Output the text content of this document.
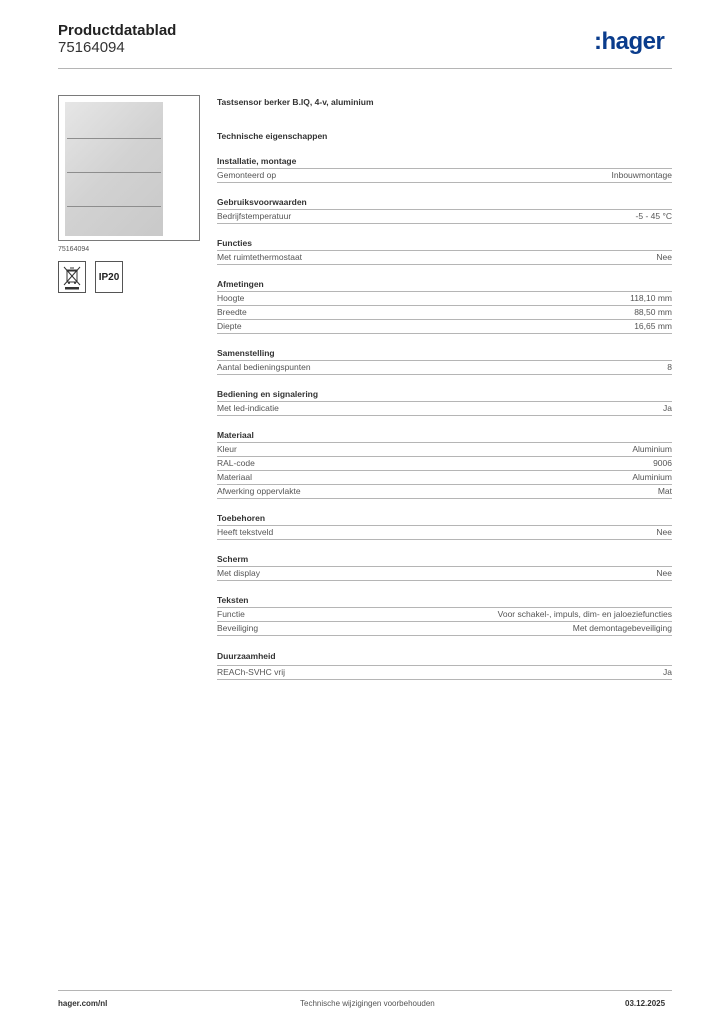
Productdatablad
75164094	:hager
75164094
IP20
Tastsensor berker B.IQ, 4-v, aluminium
Technische eigenschappen
Installatie, montage
Gemonteerd op	Inbouwmontage
Gebruiksvoorwaarden
Bedrijfstemperatuur	-5 - 45 °C
Functies
Met ruimtethermostaat	Nee
Afmetingen
Hoogte	118,10 mm
Breedte	88,50 mm
Diepte	16,65 mm
Samenstelling
Aantal bedieningspunten	8
Bediening en signalering
Met led-indicatie	Ja
Materiaal
Kleur	Aluminium
RAL-code	9006
Materiaal	Aluminium
Afwerking oppervlakte	Mat
Toebehoren
Heeft tekstveld	Nee
Scherm
Met display	Nee
Teksten
Functie	Voor schakel-, impuls, dim- en jaloeziefuncties
Beveiliging	Met demontagebeveiliging
Duurzaamheid
REACh-SVHC vrij	Ja
hager.com/nl	Technische wijzigingen voorbehouden	03.12.2025
